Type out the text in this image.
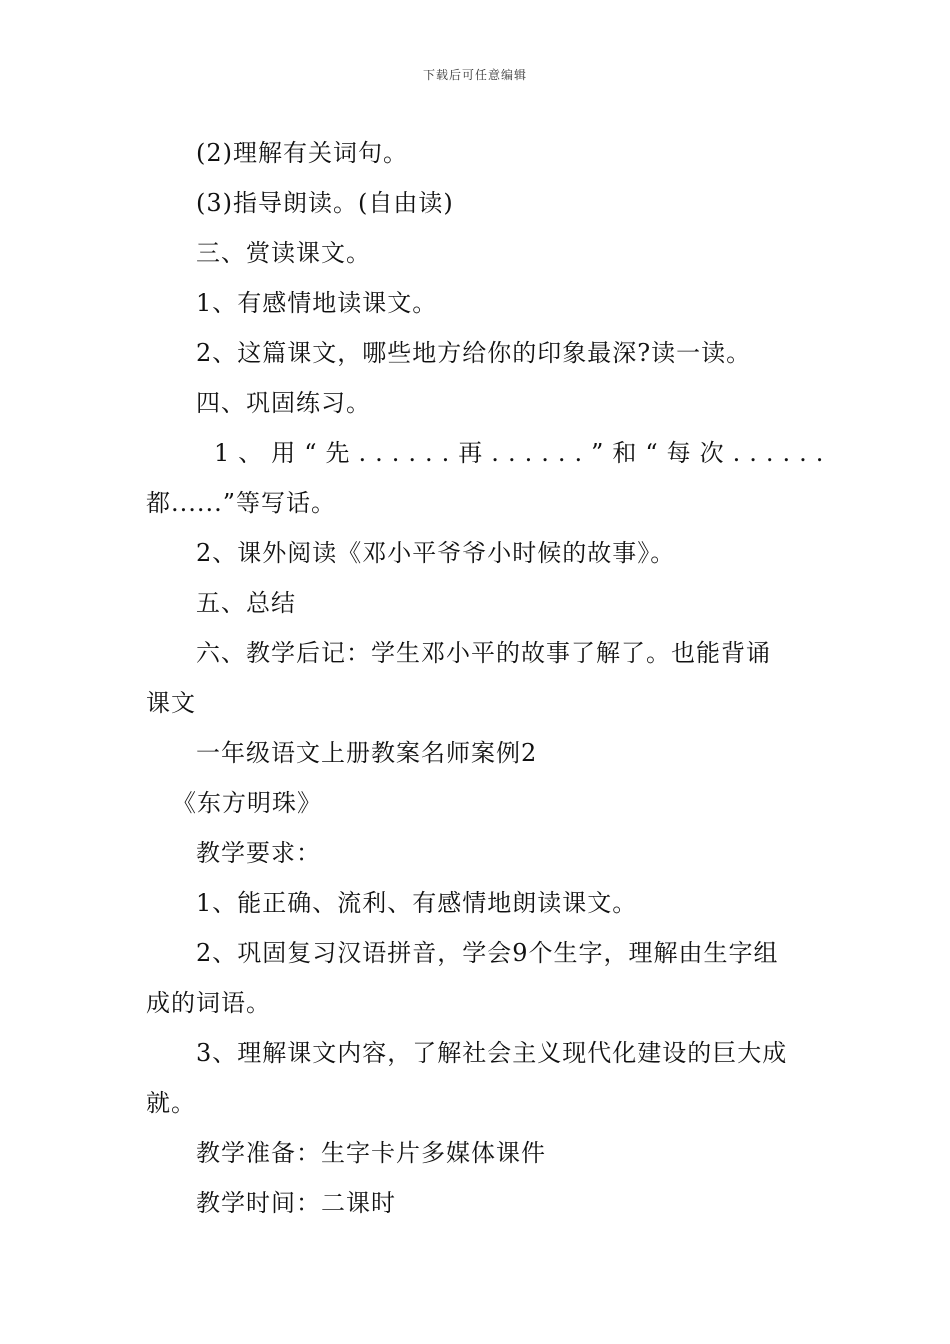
下载后可任意编辑
(2)理解有关词句。
(3)指导朗读。(自由读)
三、赏读课文。
1、有感情地读课文。
2、这篇课文，哪些地方给你的印象最深?读一读。
四、巩固练习。
1、用“先......再......”和“每次......
都......”等写话。
2、课外阅读《邓小平爷爷小时候的故事》。
五、总结
六、教学后记：学生邓小平的故事了解了。也能背诵
课文
一年级语文上册教案名师案例2
《东方明珠》
教学要求：
1、能正确、流利、有感情地朗读课文。
2、巩固复习汉语拼音，学会9个生字，理解由生字组
成的词语。
3、理解课文内容，了解社会主义现代化建设的巨大成
就。
教学准备：生字卡片多媒体课件
教学时间：二课时
